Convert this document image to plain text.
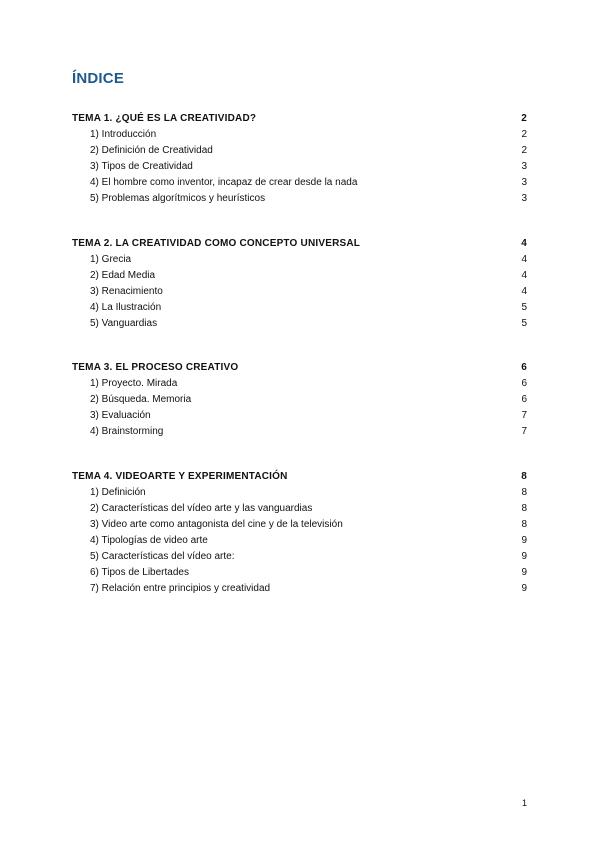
ÍNDICE
TEMA 1. ¿QUÉ ES LA CREATIVIDAD?	2
1) Introducción	2
2) Definición de Creatividad	2
3) Tipos de Creatividad	3
4) El hombre como inventor, incapaz de crear desde la nada	3
5) Problemas algorítmicos y heurísticos	3
TEMA 2. LA CREATIVIDAD COMO CONCEPTO UNIVERSAL	4
1) Grecia	4
2) Edad Media	4
3) Renacimiento	4
4) La Ilustración	5
5) Vanguardias	5
TEMA 3. EL PROCESO CREATIVO	6
1) Proyecto. Mirada	6
2) Búsqueda. Memoria	6
3) Evaluación	7
4) Brainstorming	7
TEMA 4. VIDEOARTE Y EXPERIMENTACIÓN	8
1) Definición	8
2) Características del vídeo arte y las vanguardias	8
3) Video arte como antagonista del cine y de la televisión	8
4) Tipologías de video arte	9
5) Características del vídeo arte:	9
6) Tipos de Libertades	9
7) Relación entre principios y creatividad	9
1
